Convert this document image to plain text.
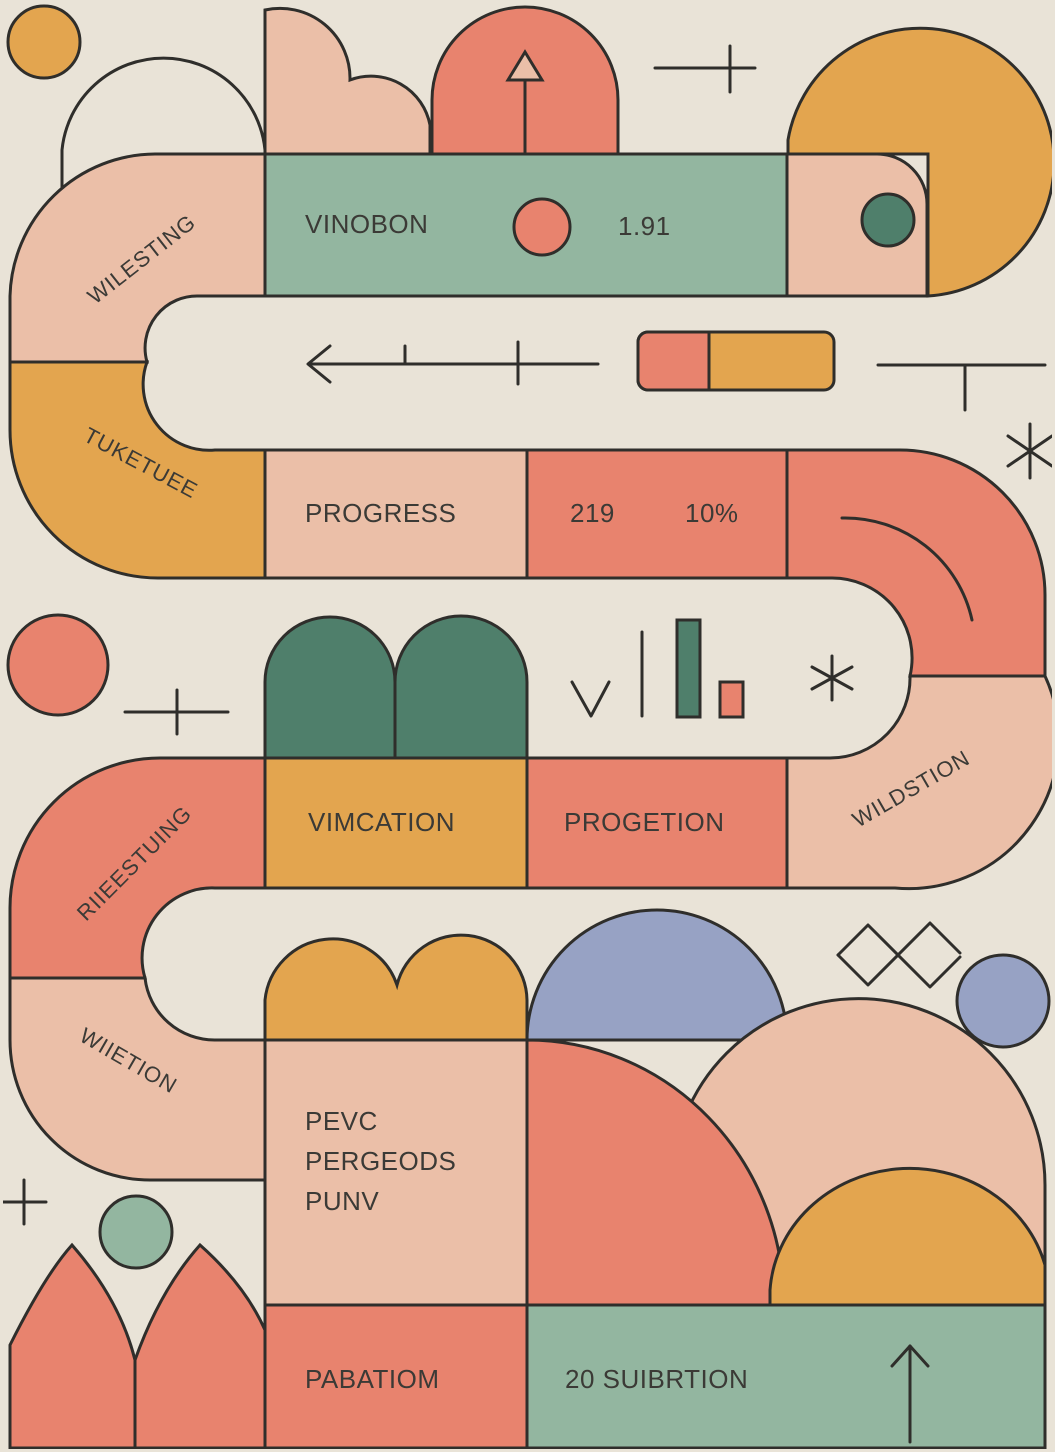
VINOBON	1.91
WILESTING
TUKETUEE
PROGRESS	219	10%
RIIEESTUING	VIMCATION	PROGETION	WILDSTION
WIIETION
PEVC
PERGEODS
PUNV
PABATIOM	20 SUIBRTION
